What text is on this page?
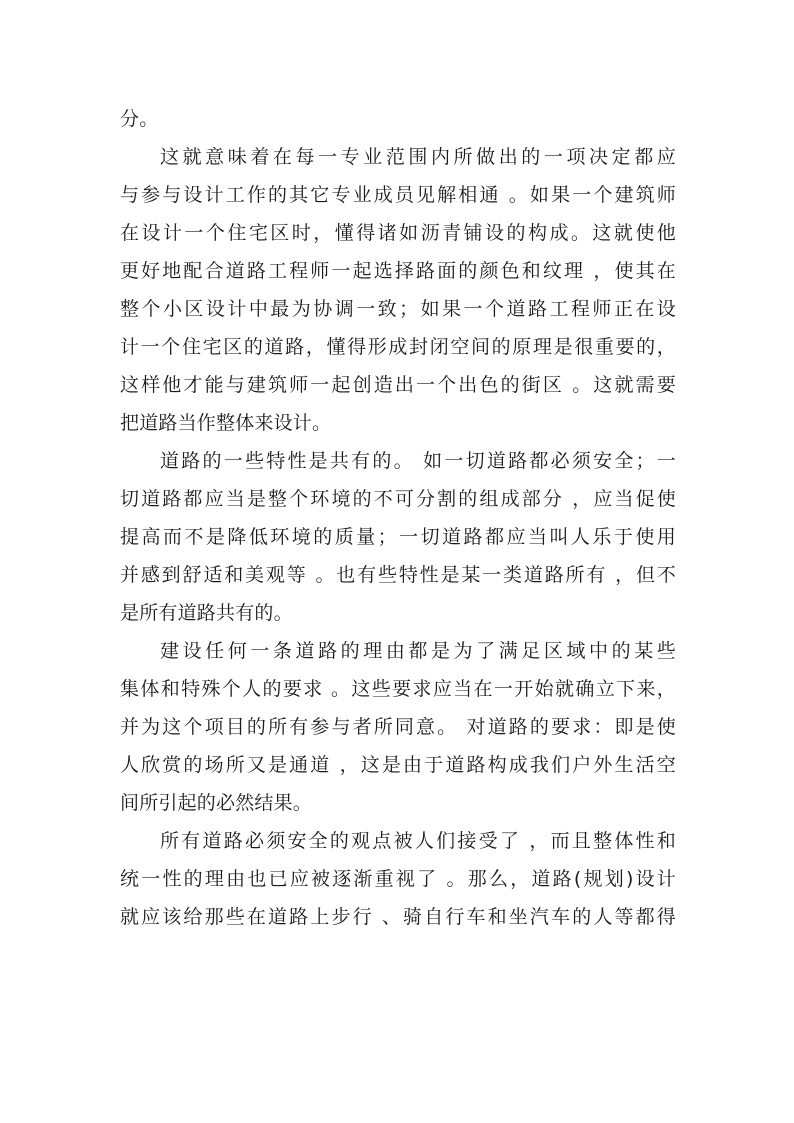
分。

这就意味着在每一专业范围内所做出的一项决定都应
与参与设计工作的其它专业成员见解相通 。如果一个建筑师
在设计一个住宅区时，懂得诸如沥青铺设的构成。这就使他
更好地配合道路工程师一起选择路面的颜色和纹理 ，使其在
整个小区设计中最为协调一致；如果一个道路工程师正在设
计一个住宅区的道路，懂得形成封闭空间的原理是很重要的，
这样他才能与建筑师一起创造出一个出色的街区 。这就需要
把道路当作整体来设计。

道路的一些特性是共有的。 如一切道路都必须安全；一
切道路都应当是整个环境的不可分割的组成部分 ，应当促使
提高而不是降低环境的质量；一切道路都应当叫人乐于使用
并感到舒适和美观等 。也有些特性是某一类道路所有 ，但不
是所有道路共有的。

建设任何一条道路的理由都是为了满足区域中的某些
集体和特殊个人的要求 。这些要求应当在一开始就确立下来，
并为这个项目的所有参与者所同意。 对道路的要求：即是使
人欣赏的场所又是通道 ，这是由于道路构成我们户外生活空
间所引起的必然结果。

所有道路必须安全的观点被人们接受了 ，而且整体性和
统一性的理由也已应被逐渐重视了 。那么，道路(规划)设计
就应该给那些在道路上步行 、骑自行车和坐汽车的人等都得
